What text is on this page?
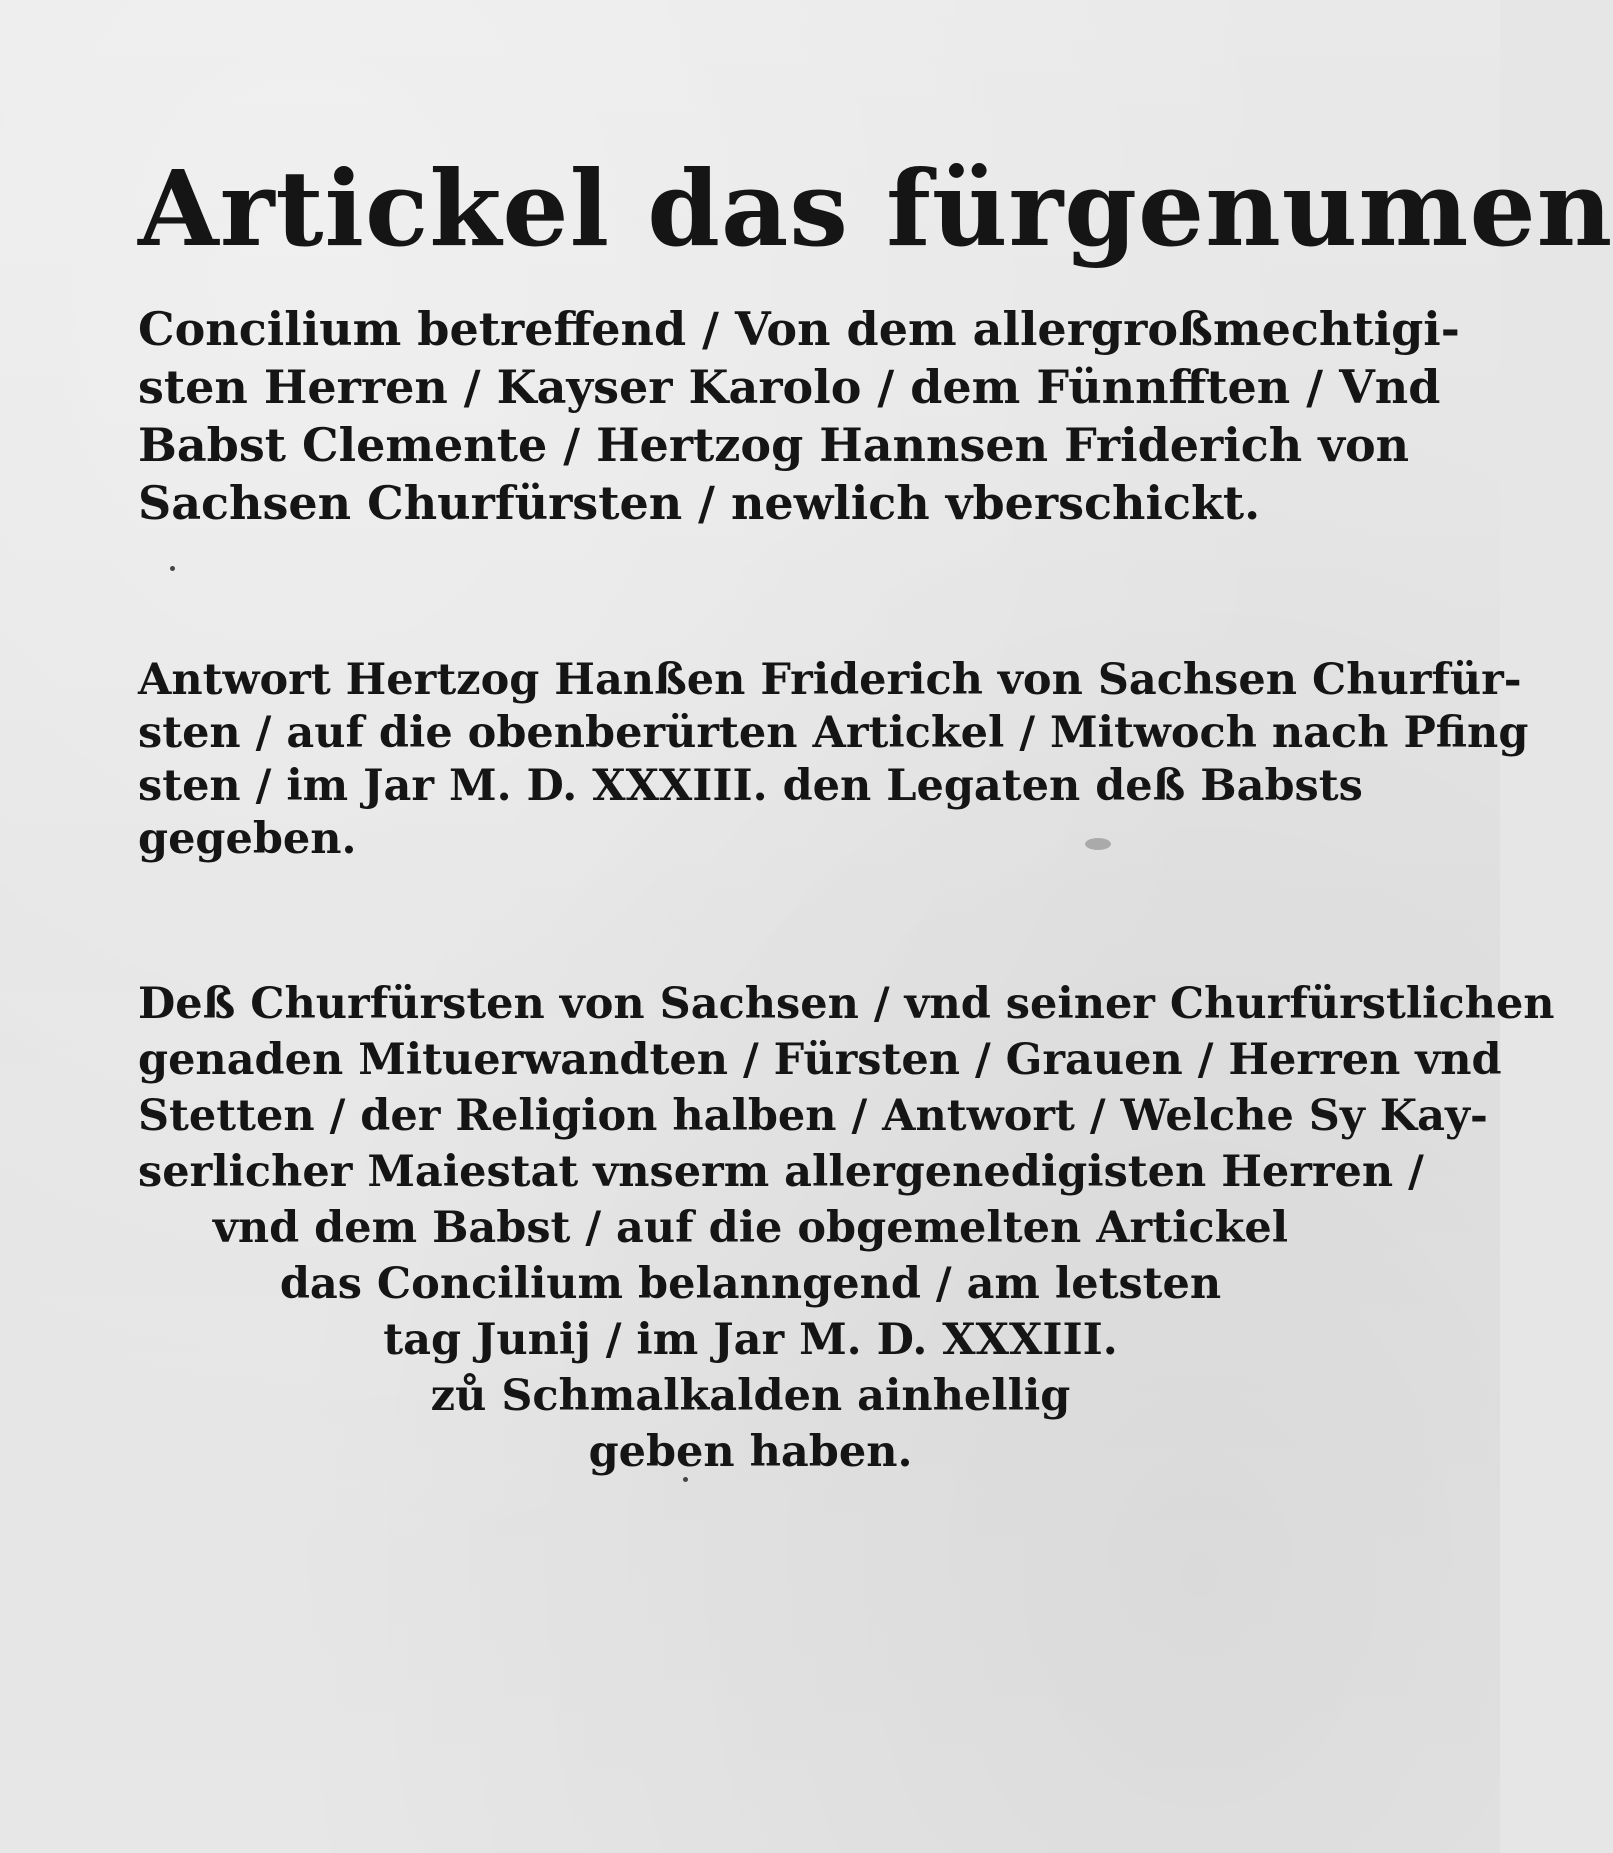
Artickel das fürgenumen
Concilium betreffend / Von dem allergroßmechtigi-
sten Herren / Kayser Karolo / dem Fünnfften / Vnd
Babst Clemente / Hertzog Hannsen Friderich von
Sachsen Churfürsten / newlich vberschickt.
Antwort Hertzog Hanßen Friderich von Sachsen Churfür-
sten / auf die obenberürten Artickel / Mitwoch nach Pfing
sten / im Jar M. D. XXXIII. den Legaten deß Babsts
gegeben.
Deß Churfürsten von Sachsen / vnd seiner Churfürstlichen
genaden Mituerwandten / Fürsten / Grauen / Herren vnd
Stetten / der Religion halben / Antwort / Welche Sy Kay-
serlicher Maiestat vnserm allergenedigisten Herren /
vnd dem Babst / auf die obgemelten Artickel
das Concilium belanngend / am letsten
tag Junij / im Jar M. D. XXXIII.
zů Schmalkalden ainhellig
geben haben.
